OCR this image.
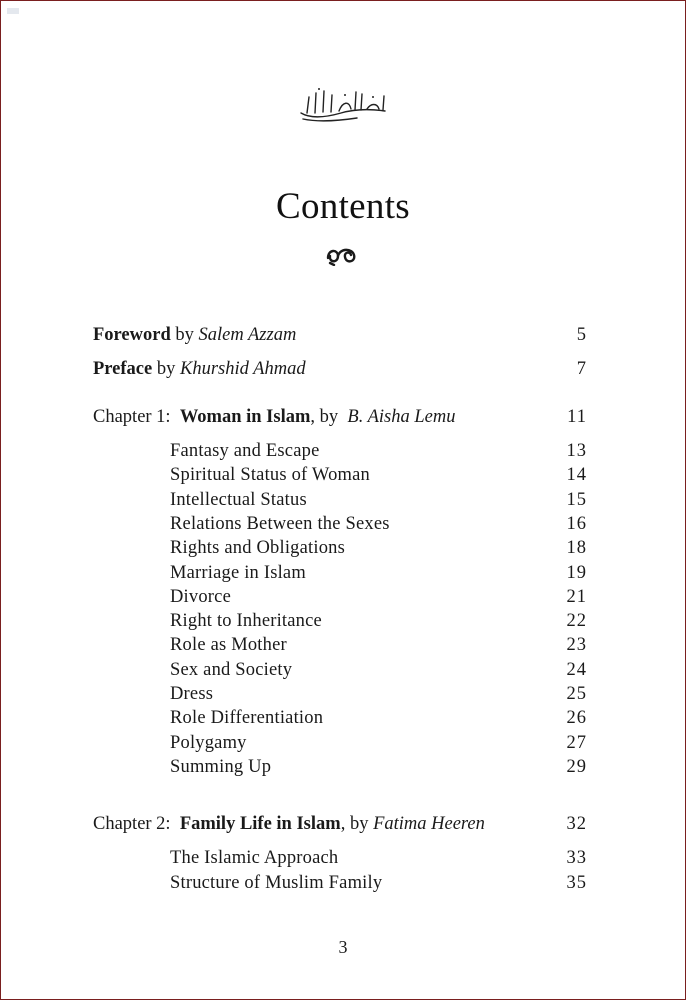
Contents
Foreword by Salem Azzam	5
Preface by Khurshid Ahmad	7
Chapter 1: Woman in Islam, by B. Aisha Lemu	11
Fantasy and Escape	13
Spiritual Status of Woman	14
Intellectual Status	15
Relations Between the Sexes	16
Rights and Obligations	18
Marriage in Islam	19
Divorce	21
Right to Inheritance	22
Role as Mother	23
Sex and Society	24
Dress	25
Role Differentiation	26
Polygamy	27
Summing Up	29
Chapter 2: Family Life in Islam, by Fatima Heeren	32
The Islamic Approach	33
Structure of Muslim Family	35
3
